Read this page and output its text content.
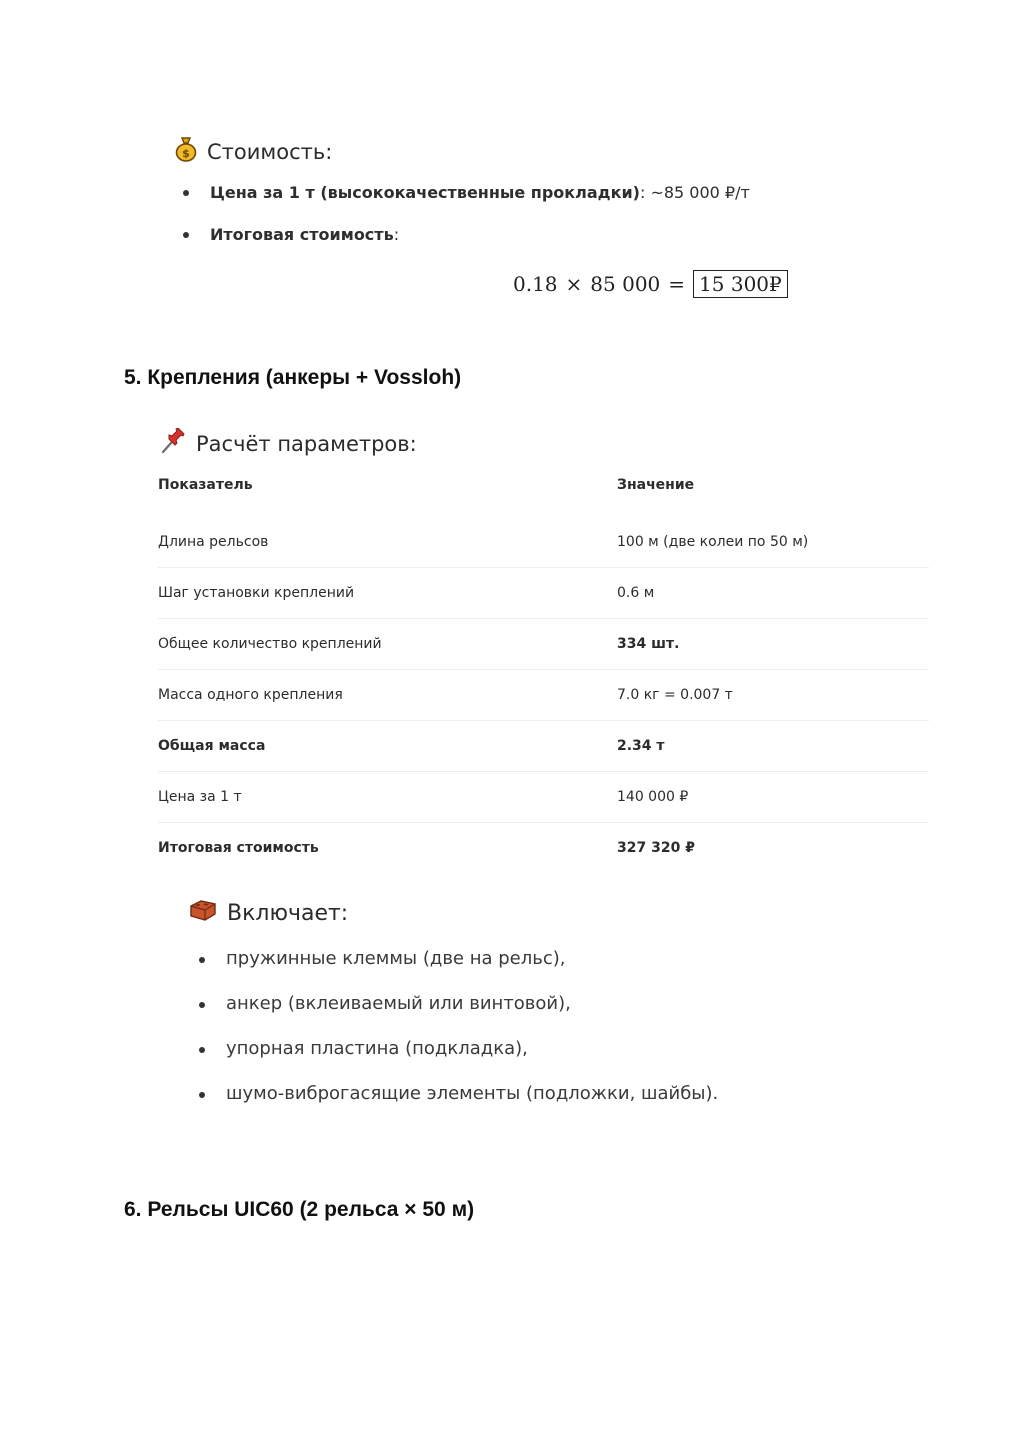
$ Стоимость:
Цена за 1 т (высококачественные прокладки): ~85 000 ₽/т
Итоговая стоимость:
0.18 × 85 000 = 15 300₽
5. Крепления (анкеры + Vossloh)
Расчёт параметров:
Показатель	Значение
Длина рельсов	100 м (две колеи по 50 м)
Шаг установки креплений	0.6 м
Общее количество креплений	334 шт.
Масса одного крепления	7.0 кг = 0.007 т
Общая масса	2.34 т
Цена за 1 т	140 000 ₽
Итоговая стоимость	327 320 ₽
Включает:
пружинные клеммы (две на рельс),
анкер (вклеиваемый или винтовой),
упорная пластина (подкладка),
шумо-виброгасящие элементы (подложки, шайбы).
6. Рельсы UIC60 (2 рельса × 50 м)
